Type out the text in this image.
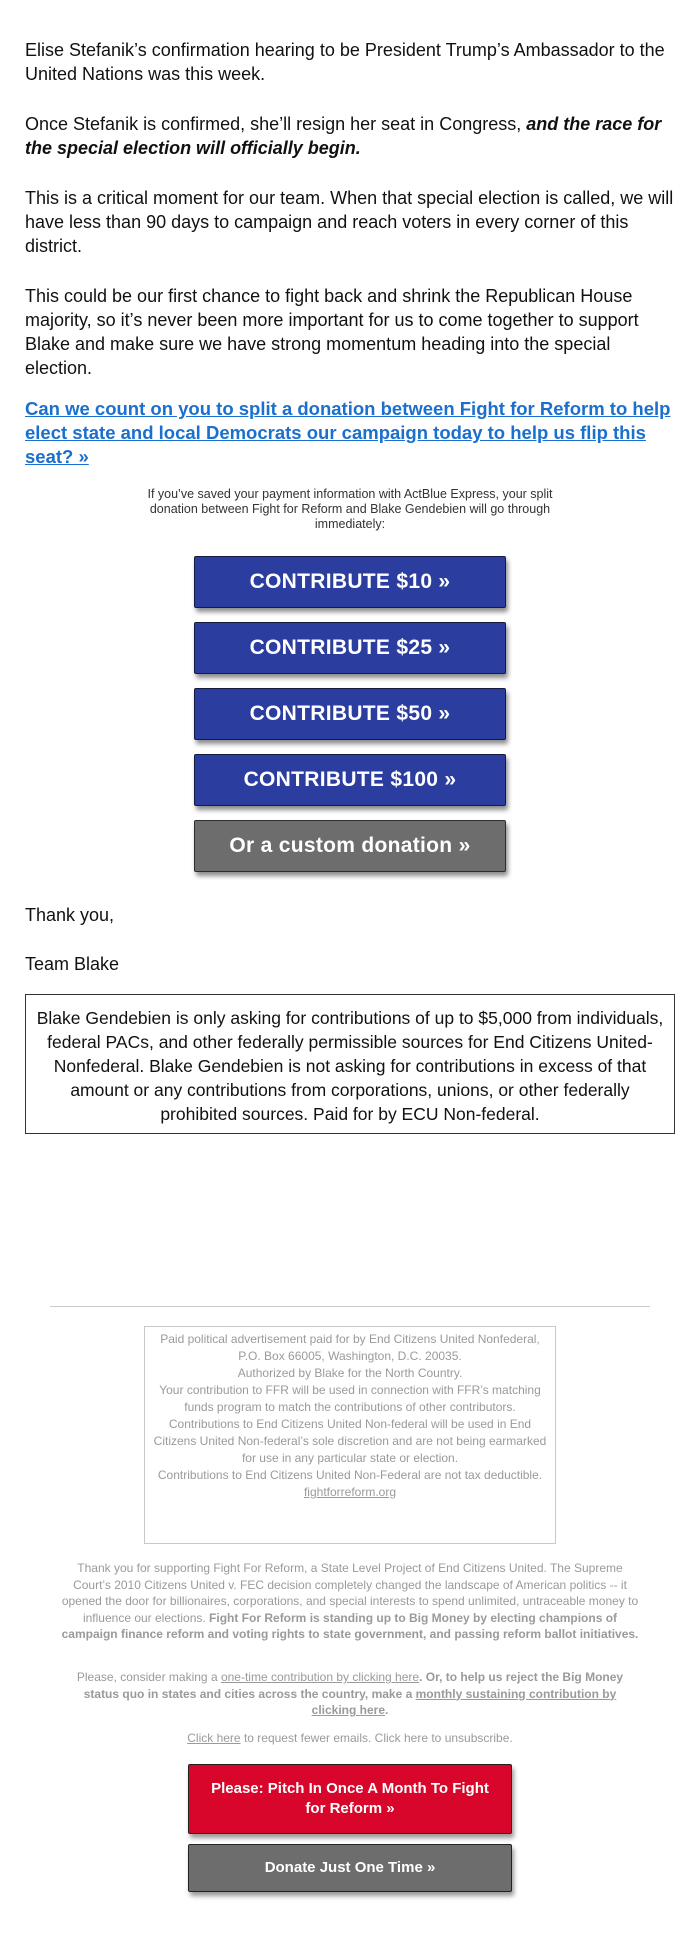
Elise Stefanik’s confirmation hearing to be President Trump’s Ambassador to the United Nations was this week.

Once Stefanik is confirmed, she’ll resign her seat in Congress, and the race for the special election will officially begin.

This is a critical moment for our team. When that special election is called, we will have less than 90 days to campaign and reach voters in every corner of this district.

This could be our first chance to fight back and shrink the Republican House majority, so it’s never been more important for us to come together to support Blake and make sure we have strong momentum heading into the special election.

Can we count on you to split a donation between Fight for Reform to help elect state and local Democrats our campaign today to help us flip this seat? »

If you’ve saved your payment information with ActBlue Express, your split donation between Fight for Reform and Blake Gendebien will go through immediately:

CONTRIBUTE $10 »
CONTRIBUTE $25 »
CONTRIBUTE $50 »
CONTRIBUTE $100 »
Or a custom donation »

Thank you,

Team Blake

Blake Gendebien is only asking for contributions of up to $5,000 from individuals, federal PACs, and other federally permissible sources for End Citizens United-Nonfederal. Blake Gendebien is not asking for contributions in excess of that amount or any contributions from corporations, unions, or other federally prohibited sources. Paid for by ECU Non-federal.

Paid political advertisement paid for by End Citizens United Nonfederal, P.O. Box 66005, Washington, D.C. 20035.

Authorized by Blake for the North Country.

Your contribution to FFR will be used in connection with FFR’s matching funds program to match the contributions of other contributors.

Contributions to End Citizens United Non-federal will be used in End Citizens United Non-federal’s sole discretion and are not being earmarked for use in any particular state or election.

Contributions to End Citizens United Non-Federal are not tax deductible.

fightforreform.org

Thank you for supporting Fight For Reform, a State Level Project of End Citizens United. The Supreme Court’s 2010 Citizens United v. FEC decision completely changed the landscape of American politics -- it opened the door for billionaires, corporations, and special interests to spend unlimited, untraceable money to influence our elections. Fight For Reform is standing up to Big Money by electing champions of campaign finance reform and voting rights to state government, and passing reform ballot initiatives.

Please, consider making a one-time contribution by clicking here. Or, to help us reject the Big Money status quo in states and cities across the country, make a monthly sustaining contribution by clicking here.

Click here to request fewer emails. Click here to unsubscribe.

Please: Pitch In Once A Month To Fight for Reform »
Donate Just One Time »
